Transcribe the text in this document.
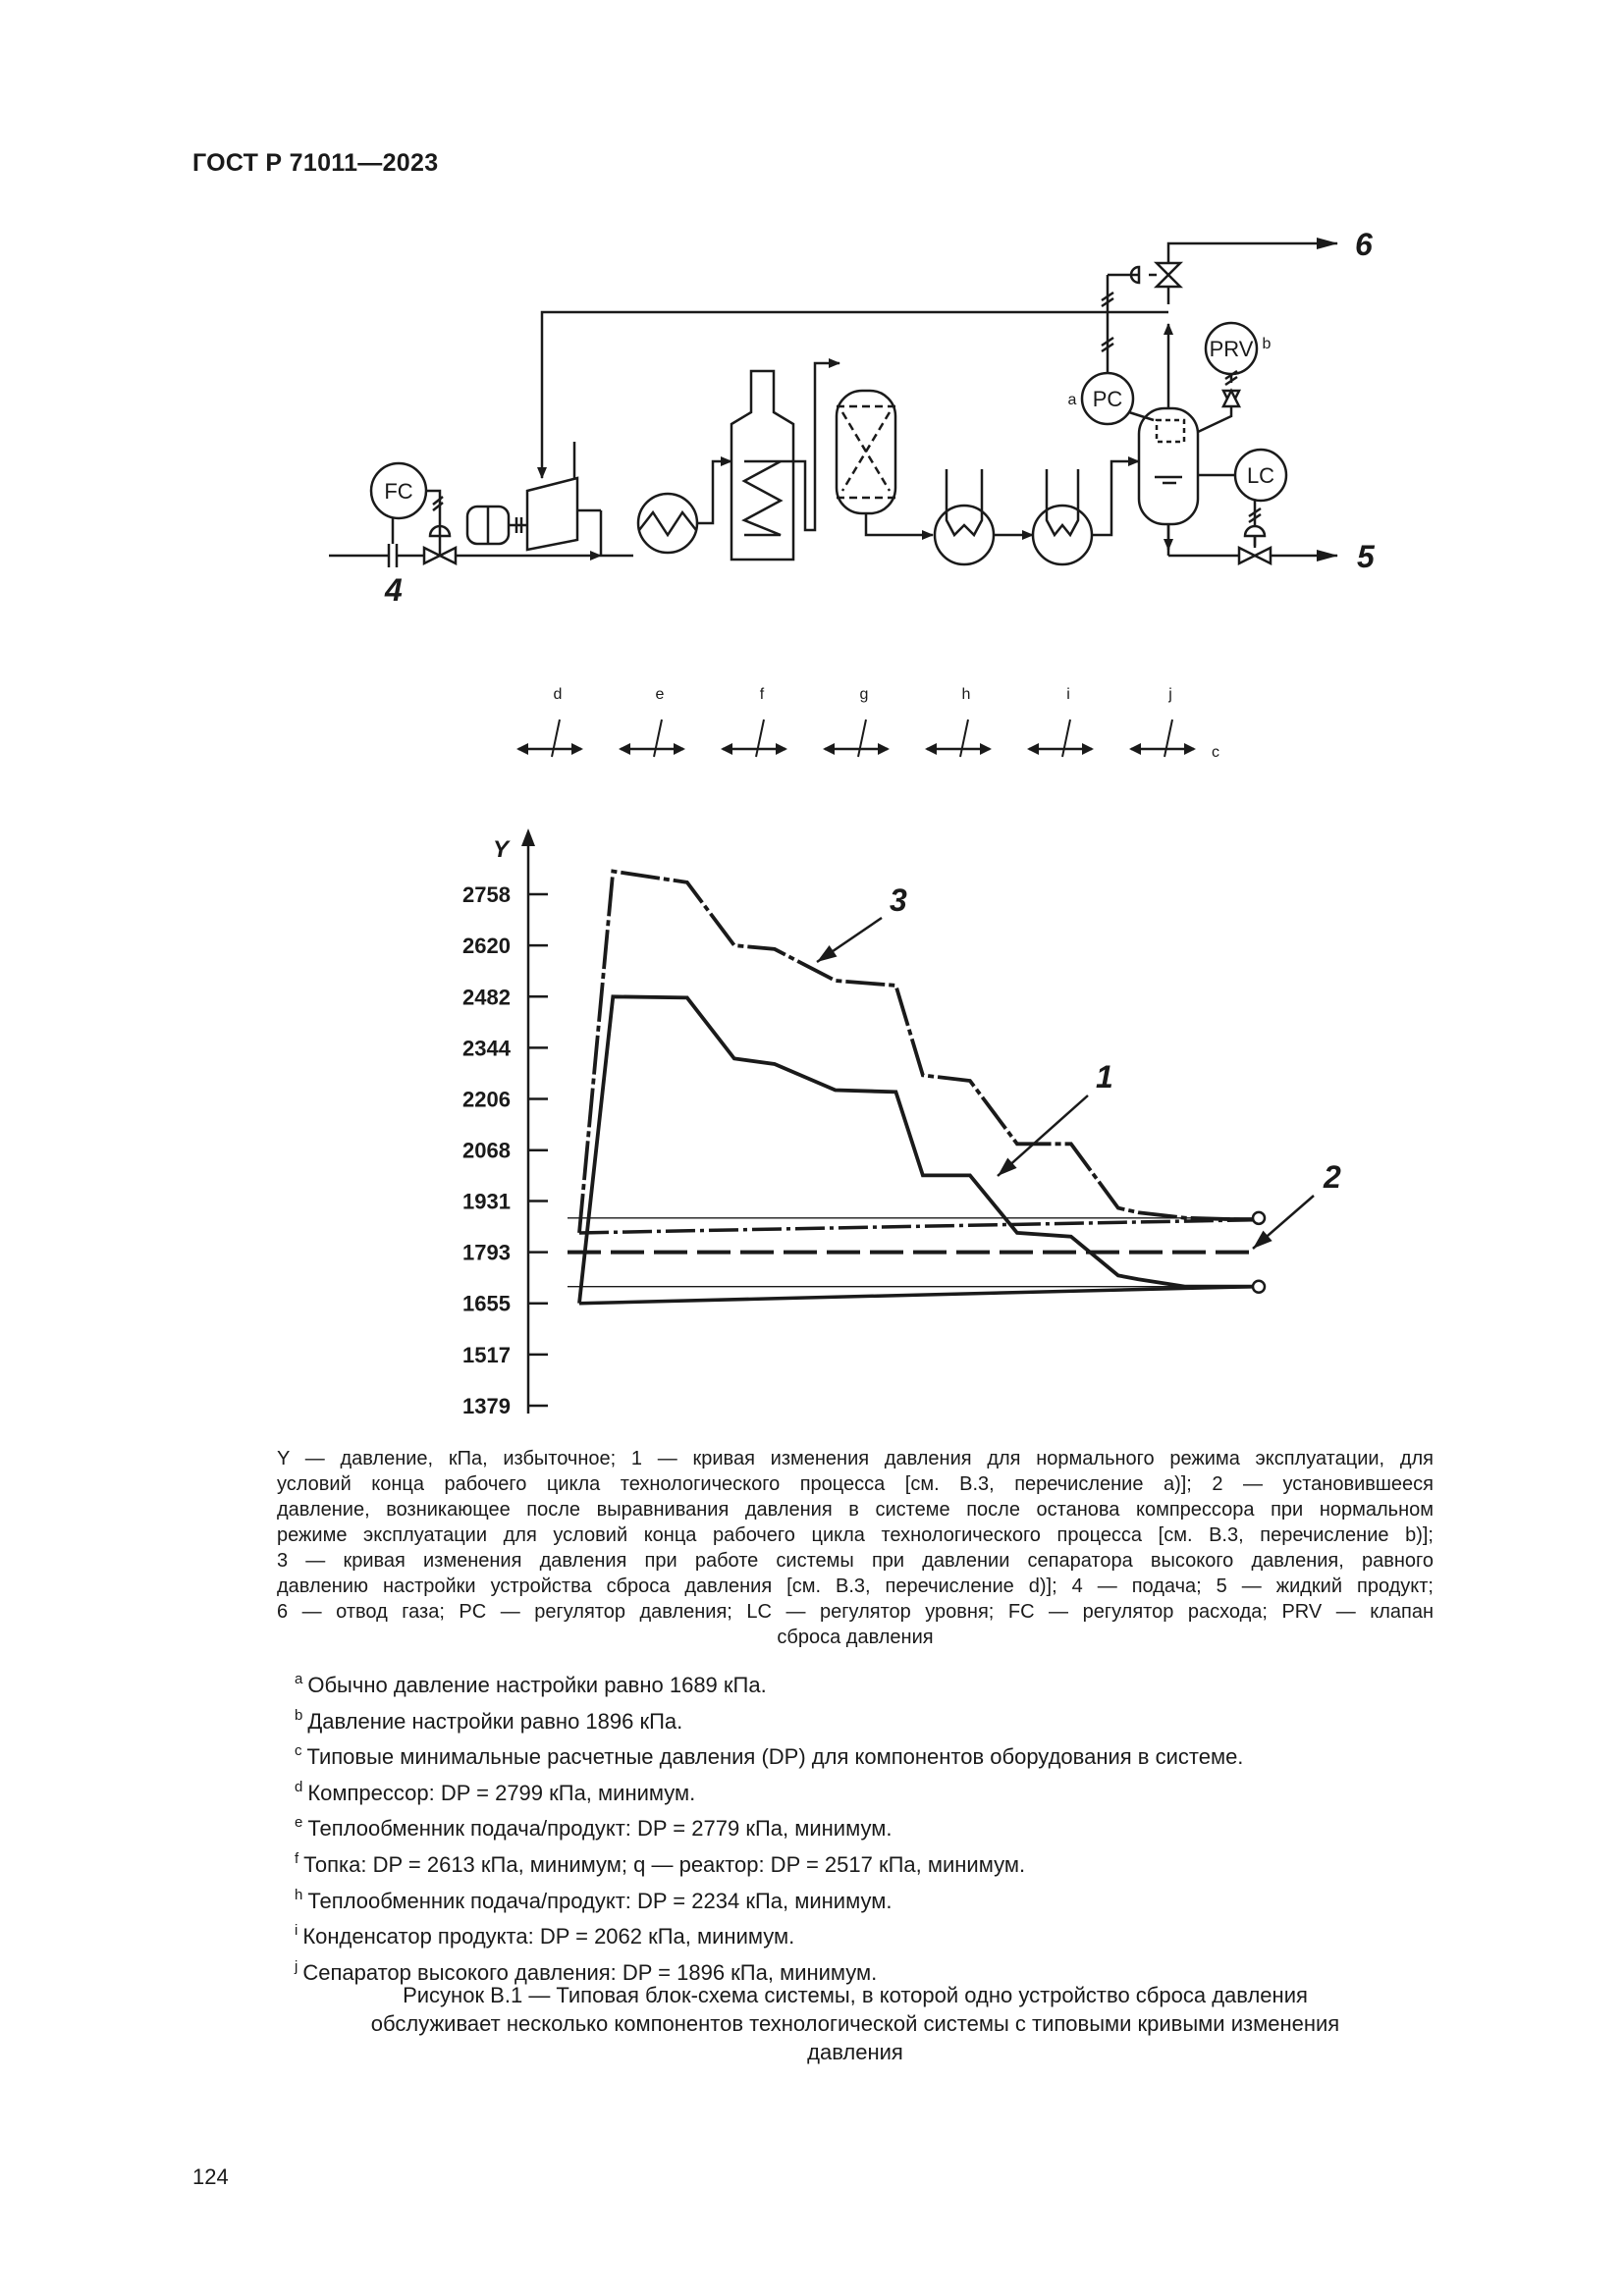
ГОСТ Р 71011—2023
FC
PC
LC
PRV
a
b
4
5
6
d	e	f	g	h	i	j
c
Y
1379
1517
1655
1793
1931
2068
2206
2344
2482
2620
2758
1
2
3
Y — давление, кПа, избыточное; 1 — кривая изменения давления для нормального режима эксплуатации, для
условий конца рабочего цикла технологического процесса [см. В.3, перечисление а)]; 2 — установившееся
давление, возникающее после выравнивания давления в системе после останова компрессора при нормальном
режиме эксплуатации для условий конца рабочего цикла технологического процесса [см. В.3, перечисление b)];
3 — кривая изменения давления при работе системы при давлении сепаратора высокого давления, равного
давлению настройки устройства сброса давления [см. В.3, перечисление d)]; 4 — подача; 5 — жидкий продукт;
6 — отвод газа; PC — регулятор давления; LC — регулятор уровня; FC — регулятор расхода; PRV — клапан
сброса давления
$^a$ Обычно давление настройки равно 1689 кПа.
$^b$ Давление настройки равно 1896 кПа.
$^c$ Типовые минимальные расчетные давления (DP) для компонентов оборудования в системе.
$^d$ Компрессор: DP = 2799 кПа, минимум.
$^e$ Теплообменник подача/продукт: DP = 2779 кПа, минимум.
$^f$ Топка: DP = 2613 кПа, минимум; q — реактор: DP = 2517 кПа, минимум.
$^h$ Теплообменник подача/продукт: DP = 2234 кПа, минимум.
$^i$ Конденсатор продукта: DP = 2062 кПа, минимум.
$^j$ Сепаратор высокого давления: DP = 1896 кПа, минимум.
Рисунок В.1 — Типовая блок-схема системы, в которой одно устройство сброса давления
обслуживает несколько компонентов технологической системы с типовыми кривыми изменения
давления
124
